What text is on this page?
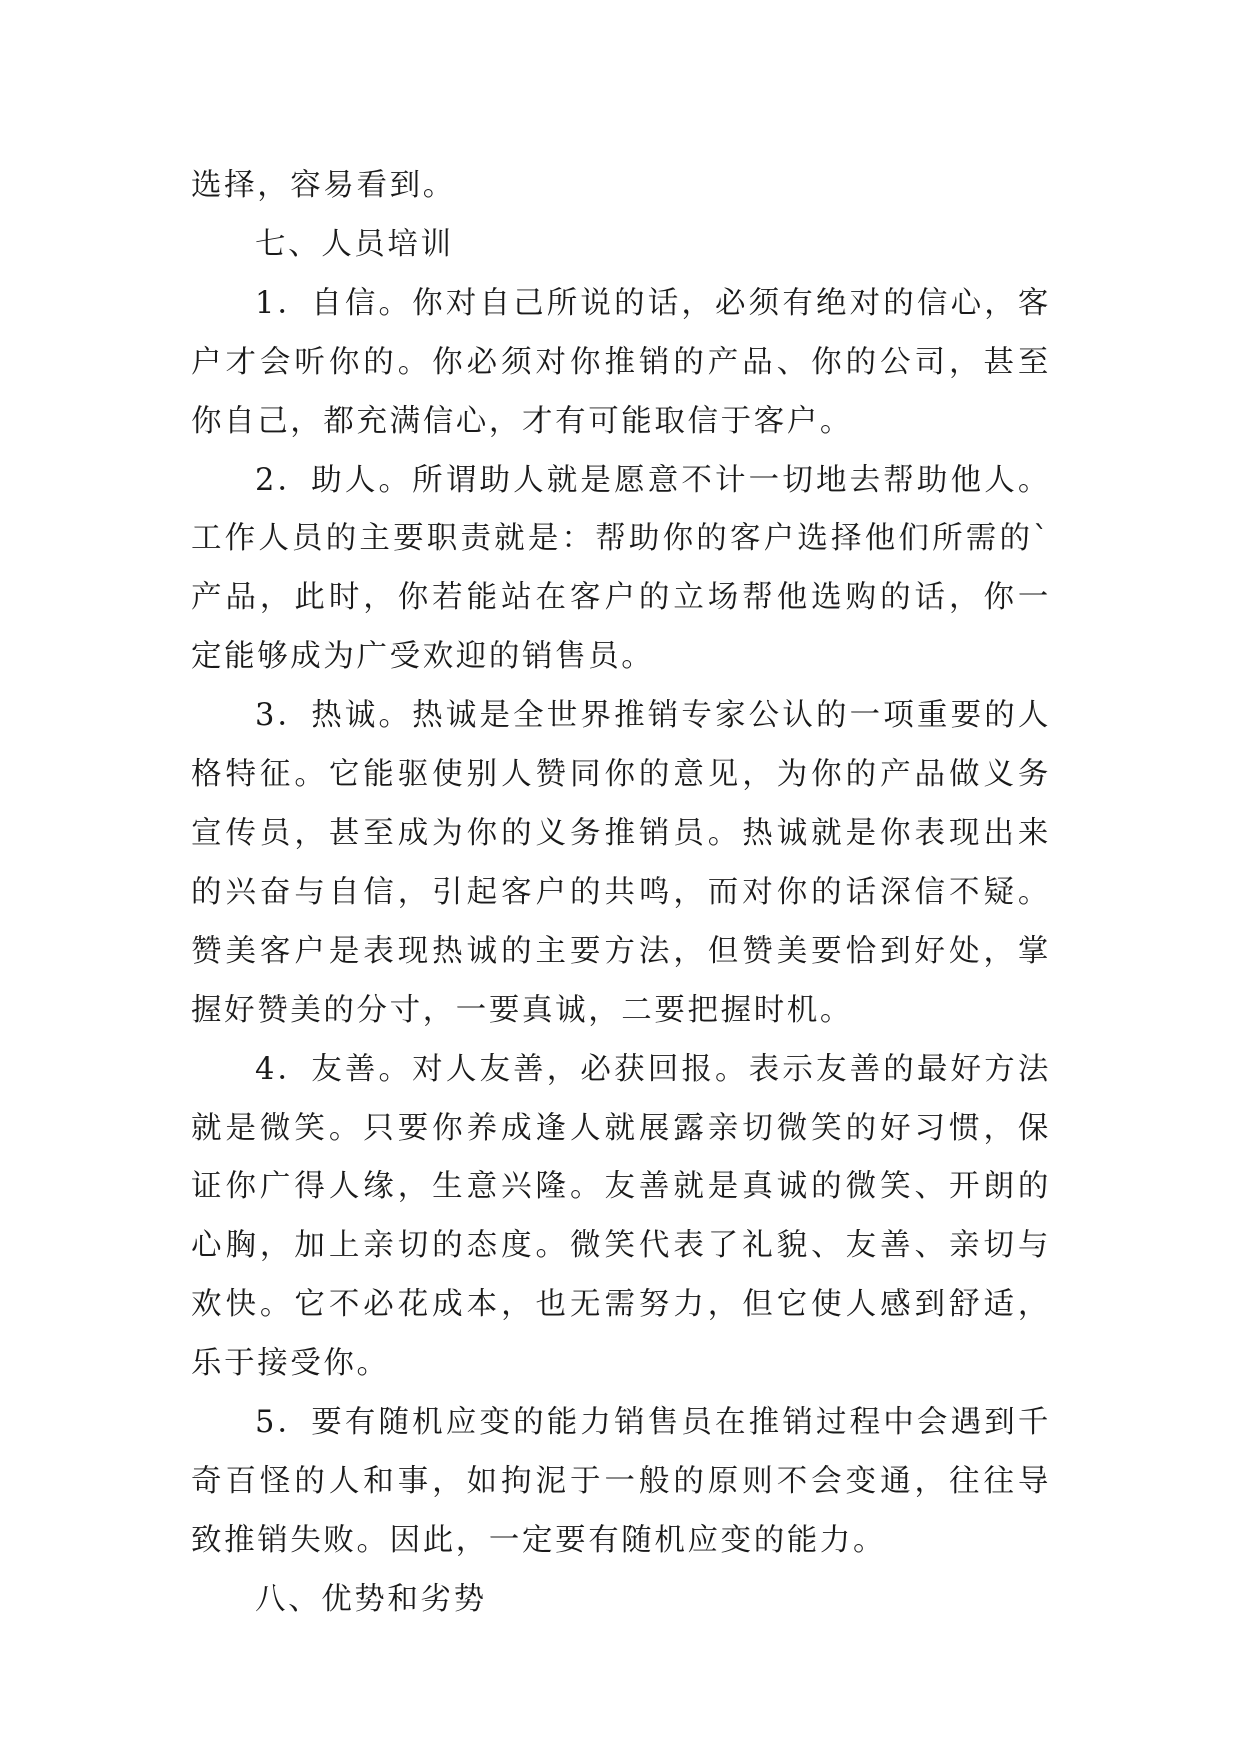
选择，容易看到。

七、人员培训

1．自信。你对自己所说的话，必须有绝对的信心，客户才会听你的。你必须对你推销的产品、你的公司，甚至你自己，都充满信心，才有可能取信于客户。

2．助人。所谓助人就是愿意不计一切地去帮助他人。工作人员的主要职责就是：帮助你的客户选择他们所需的`产品，此时，你若能站在客户的立场帮他选购的话，你一定能够成为广受欢迎的销售员。

3．热诚。热诚是全世界推销专家公认的一项重要的人格特征。它能驱使别人赞同你的意见，为你的产品做义务宣传员，甚至成为你的义务推销员。热诚就是你表现出来的兴奋与自信，引起客户的共鸣，而对你的话深信不疑。赞美客户是表现热诚的主要方法，但赞美要恰到好处，掌握好赞美的分寸，一要真诚，二要把握时机。

4．友善。对人友善，必获回报。表示友善的最好方法就是微笑。只要你养成逢人就展露亲切微笑的好习惯，保证你广得人缘，生意兴隆。友善就是真诚的微笑、开朗的心胸，加上亲切的态度。微笑代表了礼貌、友善、亲切与欢快。它不必花成本，也无需努力，但它使人感到舒适，乐于接受你。

5．要有随机应变的能力销售员在推销过程中会遇到千奇百怪的人和事，如拘泥于一般的原则不会变通，往往导致推销失败。因此，一定要有随机应变的能力。

八、优势和劣势
